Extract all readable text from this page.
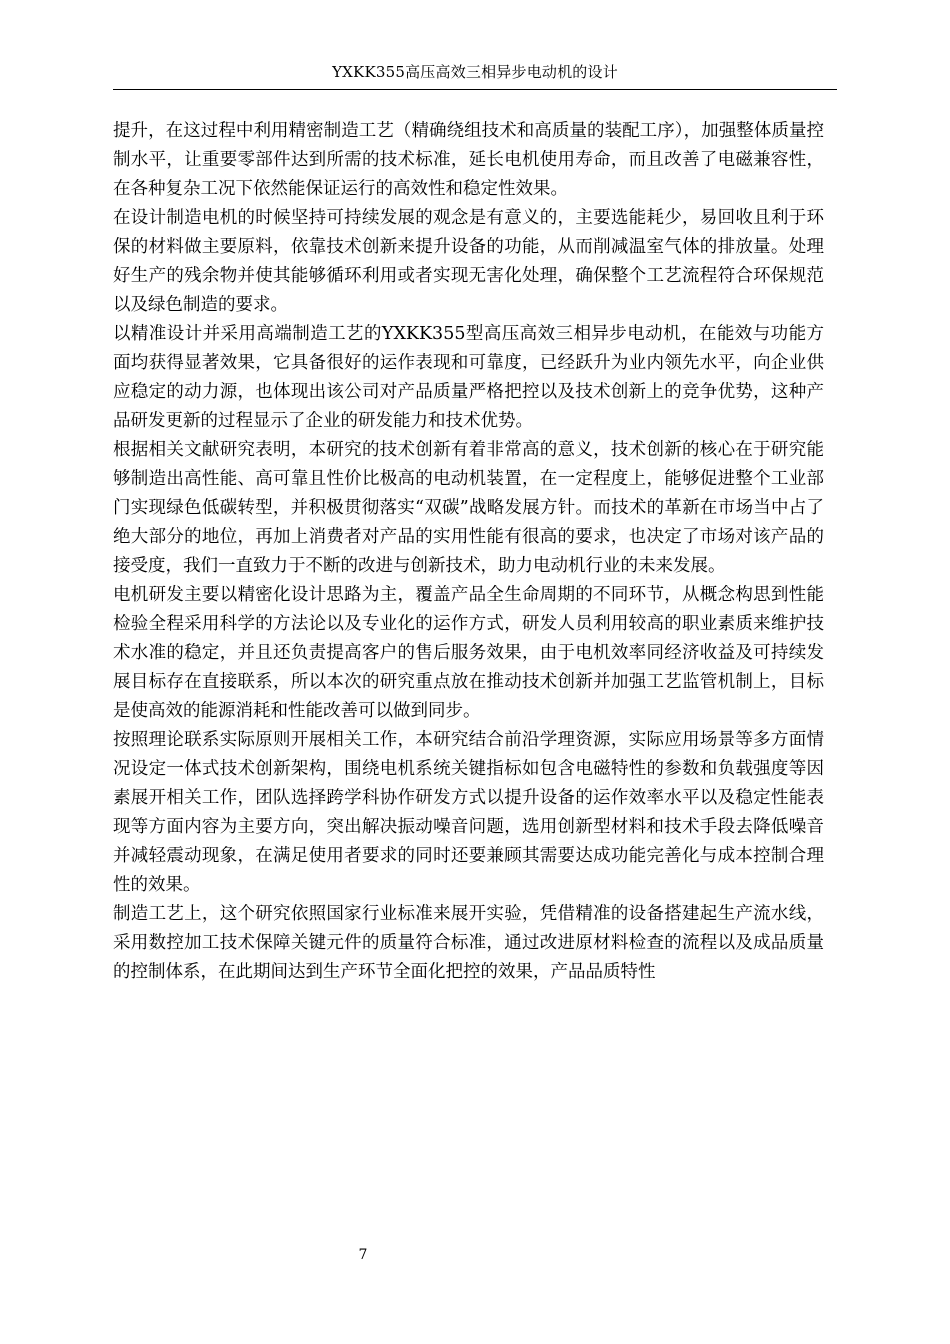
YXKK355高压高效三相异步电动机的设计

提升，在这过程中利用精密制造工艺（精确绕组技术和高质量的装配工序），加强整体质量控制水平，让重要零部件达到所需的技术标准，延长电机使用寿命，而且改善了电磁兼容性，在各种复杂工况下依然能保证运行的高效性和稳定性效果。

在设计制造电机的时候坚持可持续发展的观念是有意义的，主要选能耗少，易回收且利于环保的材料做主要原料，依靠技术创新来提升设备的功能，从而削减温室气体的排放量。处理好生产的残余物并使其能够循环利用或者实现无害化处理，确保整个工艺流程符合环保规范以及绿色制造的要求。

以精准设计并采用高端制造工艺的YXKK355型高压高效三相异步电动机，在能效与功能方面均获得显著效果，它具备很好的运作表现和可靠度，已经跃升为业内领先水平，向企业供应稳定的动力源，也体现出该公司对产品质量严格把控以及技术创新上的竞争优势，这种产品研发更新的过程显示了企业的研发能力和技术优势。

根据相关文献研究表明，本研究的技术创新有着非常高的意义，技术创新的核心在于研究能够制造出高性能、高可靠且性价比极高的电动机装置，在一定程度上，能够促进整个工业部门实现绿色低碳转型，并积极贯彻落实“双碳”战略发展方针。而技术的革新在市场当中占了绝大部分的地位，再加上消费者对产品的实用性能有很高的要求，也决定了市场对该产品的接受度，我们一直致力于不断的改进与创新技术，助力电动机行业的未来发展。

电机研发主要以精密化设计思路为主，覆盖产品全生命周期的不同环节，从概念构思到性能检验全程采用科学的方法论以及专业化的运作方式，研发人员利用较高的职业素质来维护技术水准的稳定，并且还负责提高客户的售后服务效果，由于电机效率同经济收益及可持续发展目标存在直接联系，所以本次的研究重点放在推动技术创新并加强工艺监管机制上，目标是使高效的能源消耗和性能改善可以做到同步。

按照理论联系实际原则开展相关工作，本研究结合前沿学理资源，实际应用场景等多方面情况设定一体式技术创新架构，围绕电机系统关键指标如包含电磁特性的参数和负载强度等因素展开相关工作，团队选择跨学科协作研发方式以提升设备的运作效率水平以及稳定性能表现等方面内容为主要方向，突出解决振动噪音问题，选用创新型材料和技术手段去降低噪音并减轻震动现象，在满足使用者要求的同时还要兼顾其需要达成功能完善化与成本控制合理性的效果。

制造工艺上，这个研究依照国家行业标准来展开实验，凭借精准的设备搭建起生产流水线，采用数控加工技术保障关键元件的质量符合标准，通过改进原材料检查的流程以及成品质量的控制体系，在此期间达到生产环节全面化把控的效果，产品品质特性

7
